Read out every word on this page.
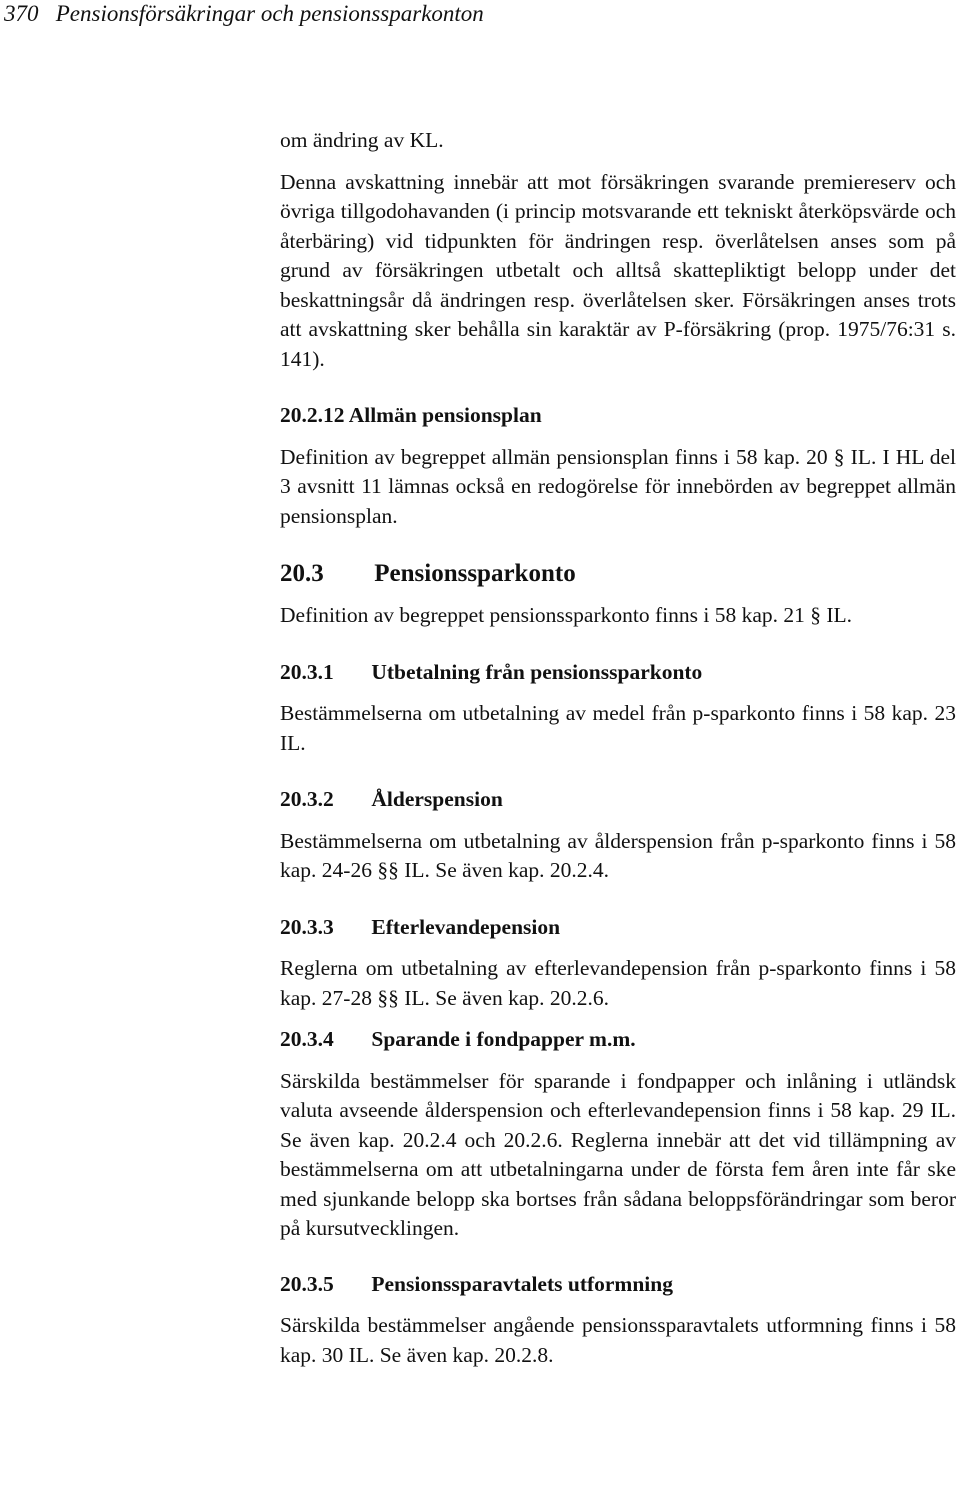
370 Pensionsförsäkringar och pensionssparkonton

om ändring av KL.

Denna avskattning innebär att mot försäkringen svarande premiereserv och övriga tillgodohavanden (i princip motsvarande ett tekniskt återköpsvärde och återbäring) vid tidpunkten för ändringen resp. överlåtelsen anses som på grund av försäkringen utbetalt och alltså skattepliktigt belopp under det beskattningsår då ändringen resp. överlåtelsen sker. Försäkringen anses trots att avskattning sker behålla sin karaktär av P-försäkring (prop. 1975/76:31 s. 141).

20.2.12 Allmän pensionsplan

Definition av begreppet allmän pensionsplan finns i 58 kap. 20 § IL. I HL del 3 avsnitt 11 lämnas också en redogörelse för innebörden av begreppet allmän pensionsplan.

20.3 Pensionssparkonto

Definition av begreppet pensionssparkonto finns i 58 kap. 21 § IL.

20.3.1 Utbetalning från pensionssparkonto

Bestämmelserna om utbetalning av medel från p-sparkonto finns i 58 kap. 23 IL.

20.3.2 Ålderspension

Bestämmelserna om utbetalning av ålderspension från p-sparkonto finns i 58 kap. 24-26 §§ IL. Se även kap. 20.2.4.

20.3.3 Efterlevandepension

Reglerna om utbetalning av efterlevandepension från p-sparkonto finns i 58 kap. 27-28 §§ IL. Se även kap. 20.2.6.

20.3.4 Sparande i fondpapper m.m.

Särskilda bestämmelser för sparande i fondpapper och inlåning i utländsk valuta avseende ålderspension och efterlevandepension finns i 58 kap. 29 IL. Se även kap. 20.2.4 och 20.2.6. Reglerna innebär att det vid tillämpning av bestämmelserna om att utbetalningarna under de första fem åren inte får ske med sjunkande belopp ska bortses från sådana beloppsförändringar som beror på kursutvecklingen.

20.3.5 Pensionssparavtalets utformning

Särskilda bestämmelser angående pensionssparavtalets utformning finns i 58 kap. 30 IL. Se även kap. 20.2.8.
